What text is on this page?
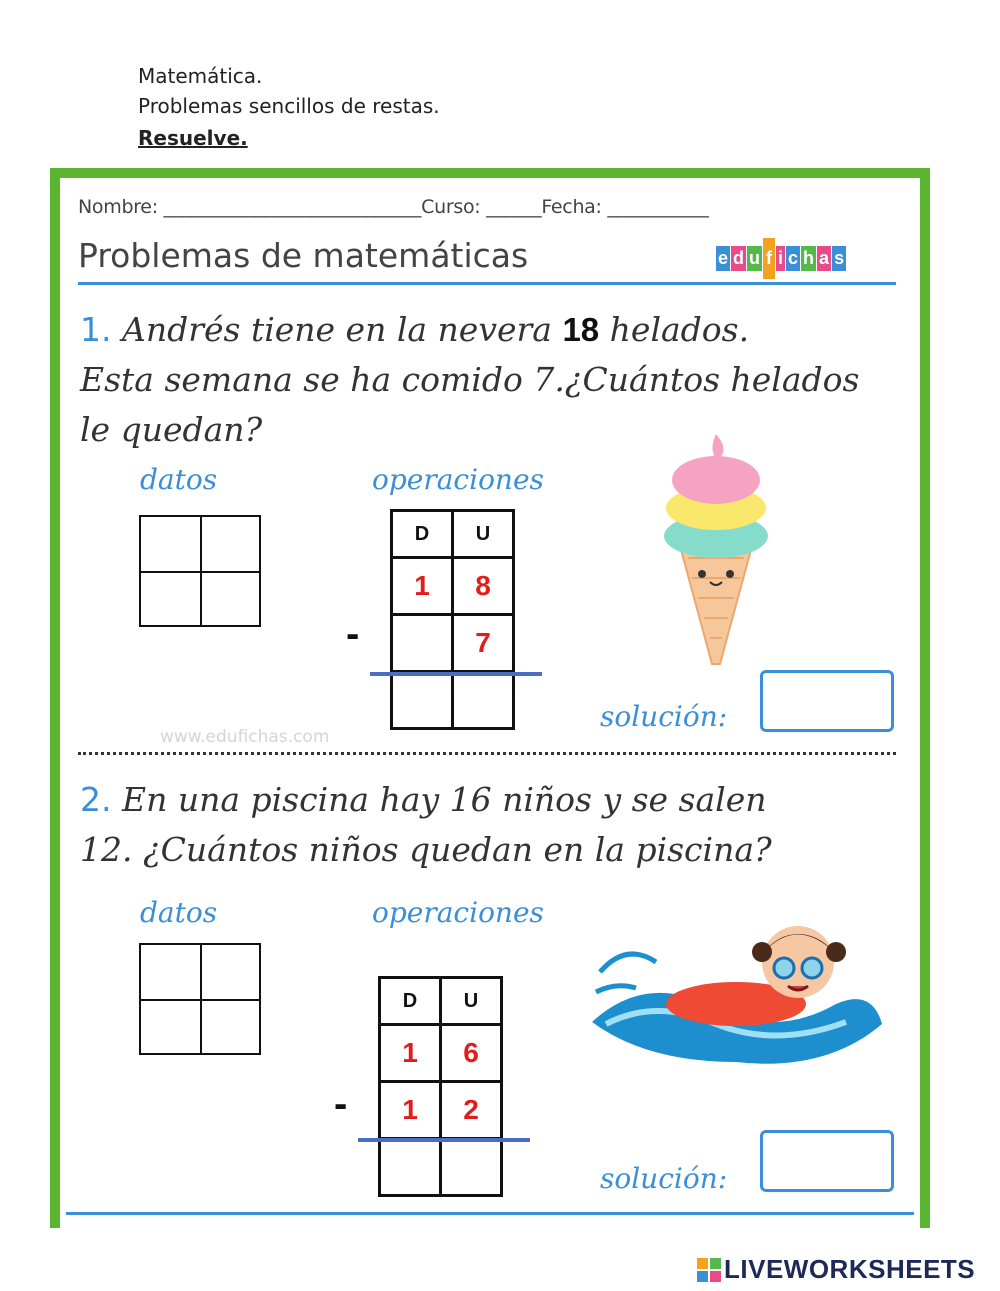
Matemática.
Problemas sencillos de restas.
Resuelve.
Nombre: ____________________________Curso: ______Fecha: ___________
Problemas de matemáticas	e d u f i c h a s
1. Andrés tiene en la nevera 18 helados.
Esta semana se ha comido 7.¿Cuántos helados
le quedan?
datos	operaciones
D	U
1	8
	7

-
solución:
www.edufichas.com
2. En una piscina hay 16 niños y se salen
12. ¿Cuántos niños quedan en la piscina?
datos	operaciones
D	U
1	6
1	2

-
solución:
LIVEWORKSHEETS
